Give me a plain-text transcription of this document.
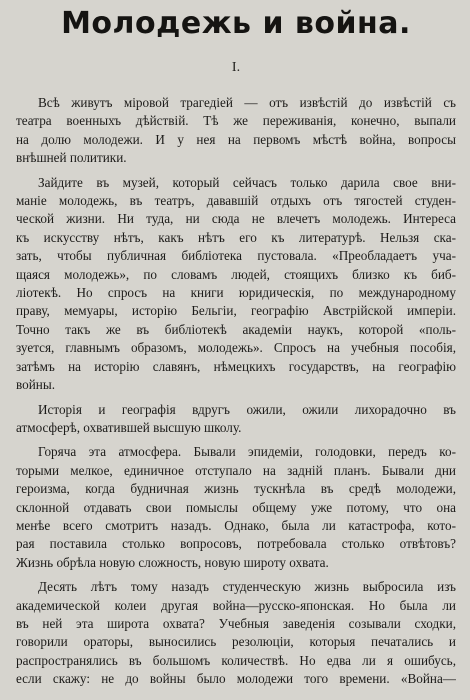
Молодежь и война.
I.
Всѣ живутъ міровой трагедіей — отъ извѣстій до извѣстій съ
театра военныхъ дѣйствій. Тѣ же переживанія, конечно, выпали
на долю молодежи. И у нея на первомъ мѣстѣ война, вопросы
внѣшней политики.
Зайдите въ музей, который сейчасъ только дарила свое вни-
маніе молодежь, въ театръ, дававшій отдыхъ отъ тягостей студен-
ческой жизни. Ни туда, ни сюда не влечетъ молодежь. Интереса
къ искусству нѣтъ, какъ нѣтъ его къ литературѣ. Нельзя ска-
зать, чтобы публичная библіотека пустовала. «Преобладаетъ уча-
щаяся молодежь», по словамъ людей, стоящихъ близко къ биб-
ліотекѣ. Но спросъ на книги юридическія, по международному
праву, мемуары, исторію Бельгіи, географію Австрійской имперіи.
Точно такъ же въ библіотекѣ академіи наукъ, которой «поль-
зуется, главнымъ образомъ, молодежь». Спросъ на учебныя пособія,
затѣмъ на исторію славянъ, нѣмецкихъ государствъ, на географію
войны.
Исторія и географія вдругъ ожили, ожили лихорадочно въ
атмосферѣ, охватившей высшую школу.
Горяча эта атмосфера. Бывали эпидеміи, голодовки, передъ ко-
торыми мелкое, единичное отступало на задній планъ. Бывали дни
героизма, когда будничная жизнь тускнѣла въ средѣ молодежи,
склонной отдавать свои помыслы общему уже потому, что она
менѣе всего смотритъ назадъ. Однако, была ли катастрофа, кото-
рая поставила столько вопросовъ, потребовала столько отвѣтовъ?
Жизнь обрѣла новую сложность, новую широту охвата.
Десять лѣтъ тому назадъ студенческую жизнь выбросила изъ
академической колеи другая война—русско-японская. Но была ли
въ ней эта широта охвата? Учебныя заведенія созывали сходки,
говорили ораторы, выносились резолюціи, которыя печатались и
распространялись въ большомъ количествѣ. Но едва ли я ошибусь,
если скажу: не до войны было молодежи того времени. «Война—
